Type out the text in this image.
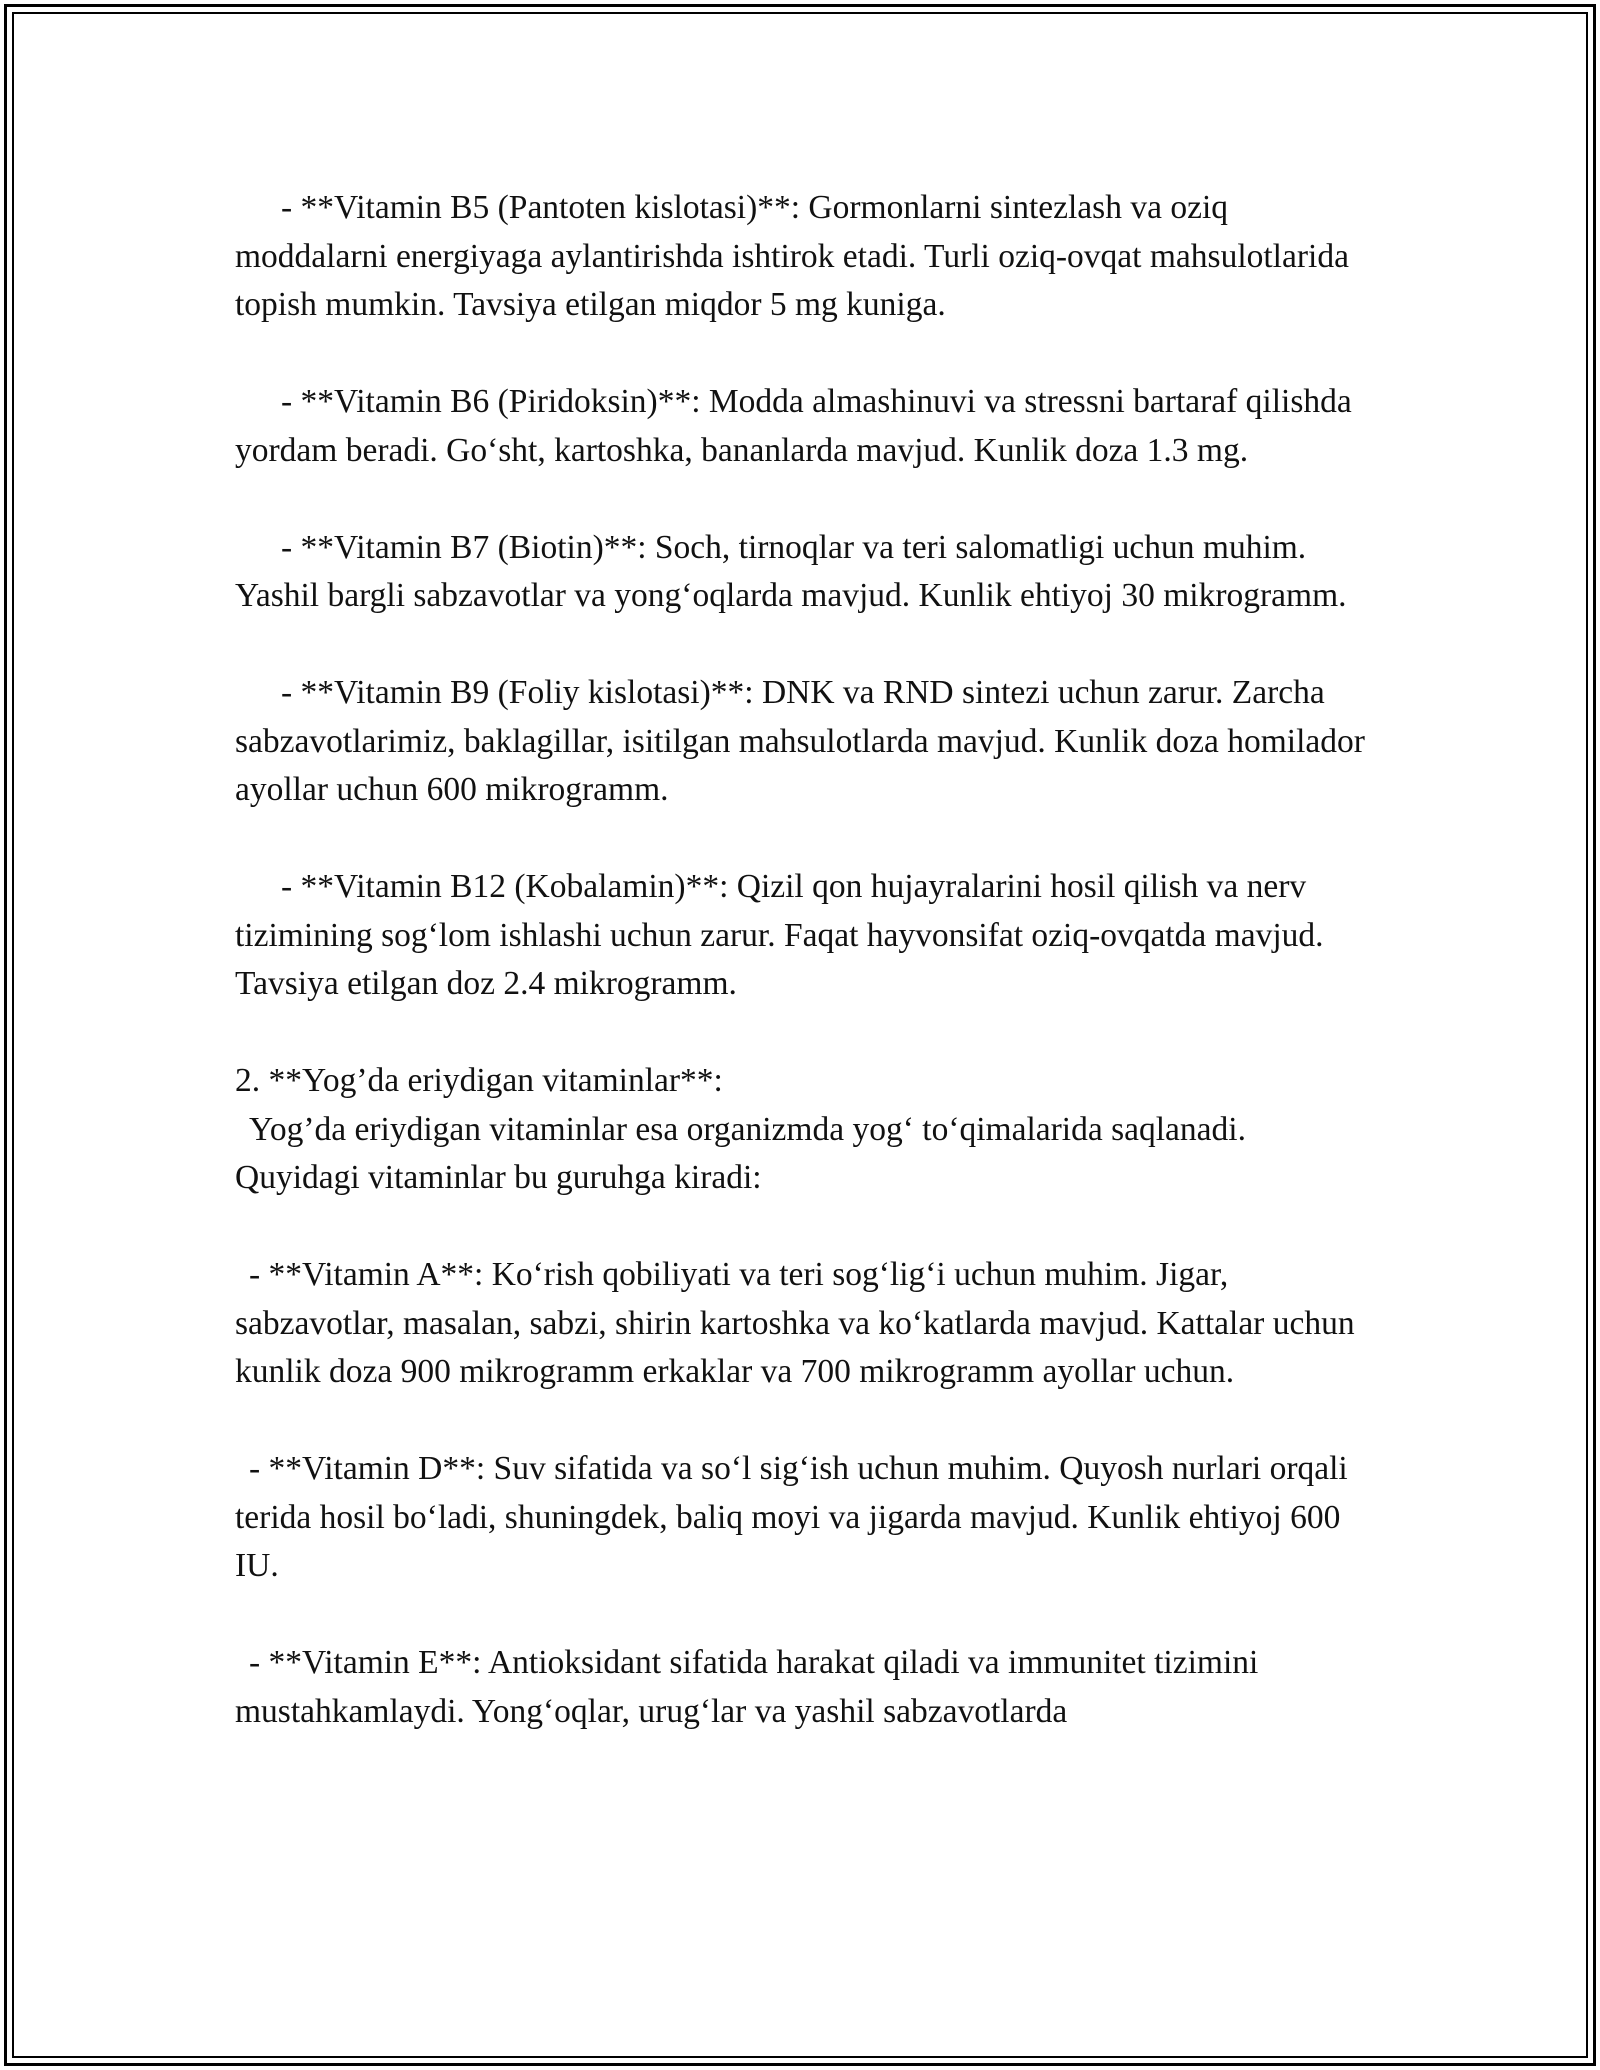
- **Vitamin B5 (Pantoten kislotasi)**: Gormonlarni sintezlash va oziq moddalarni energiyaga aylantirishda ishtirok etadi. Turli oziq-ovqat mahsulotlarida topish mumkin. Tavsiya etilgan miqdor 5 mg kuniga.

- **Vitamin B6 (Piridoksin)**: Modda almashinuvi va stressni bartaraf qilishda yordam beradi. Go‘sht, kartoshka, bananlarda mavjud. Kunlik doza 1.3 mg.

- **Vitamin B7 (Biotin)**: Soch, tirnoqlar va teri salomatligi uchun muhim. Yashil bargli sabzavotlar va yong‘oqlarda mavjud. Kunlik ehtiyoj 30 mikrogramm.

- **Vitamin B9 (Foliy kislotasi)**: DNK va RND sintezi uchun zarur. Zarcha sabzavotlarimiz, baklagillar, isitilgan mahsulotlarda mavjud. Kunlik doza homilador ayollar uchun 600 mikrogramm.

- **Vitamin B12 (Kobalamin)**: Qizil qon hujayralarini hosil qilish va nerv tizimining sog‘lom ishlashi uchun zarur. Faqat hayvonsifat oziq-ovqatda mavjud. Tavsiya etilgan doz 2.4 mikrogramm.

2. **Yog’da eriydigan vitaminlar**:

Yog’da eriydigan vitaminlar esa organizmda yog‘ to‘qimalarida saqlanadi. Quyidagi vitaminlar bu guruhga kiradi:

- **Vitamin A**: Ko‘rish qobiliyati va teri sog‘lig‘i uchun muhim. Jigar, sabzavotlar, masalan, sabzi, shirin kartoshka va ko‘katlarda mavjud. Kattalar uchun kunlik doza 900 mikrogramm erkaklar va 700 mikrogramm ayollar uchun.

- **Vitamin D**: Suv sifatida va so‘l sig‘ish uchun muhim. Quyosh nurlari orqali terida hosil bo‘ladi, shuningdek, baliq moyi va jigarda mavjud. Kunlik ehtiyoj 600 IU.

- **Vitamin E**: Antioksidant sifatida harakat qiladi va immunitet tizimini mustahkamlaydi. Yong‘oqlar, urug‘lar va yashil sabzavotlarda
